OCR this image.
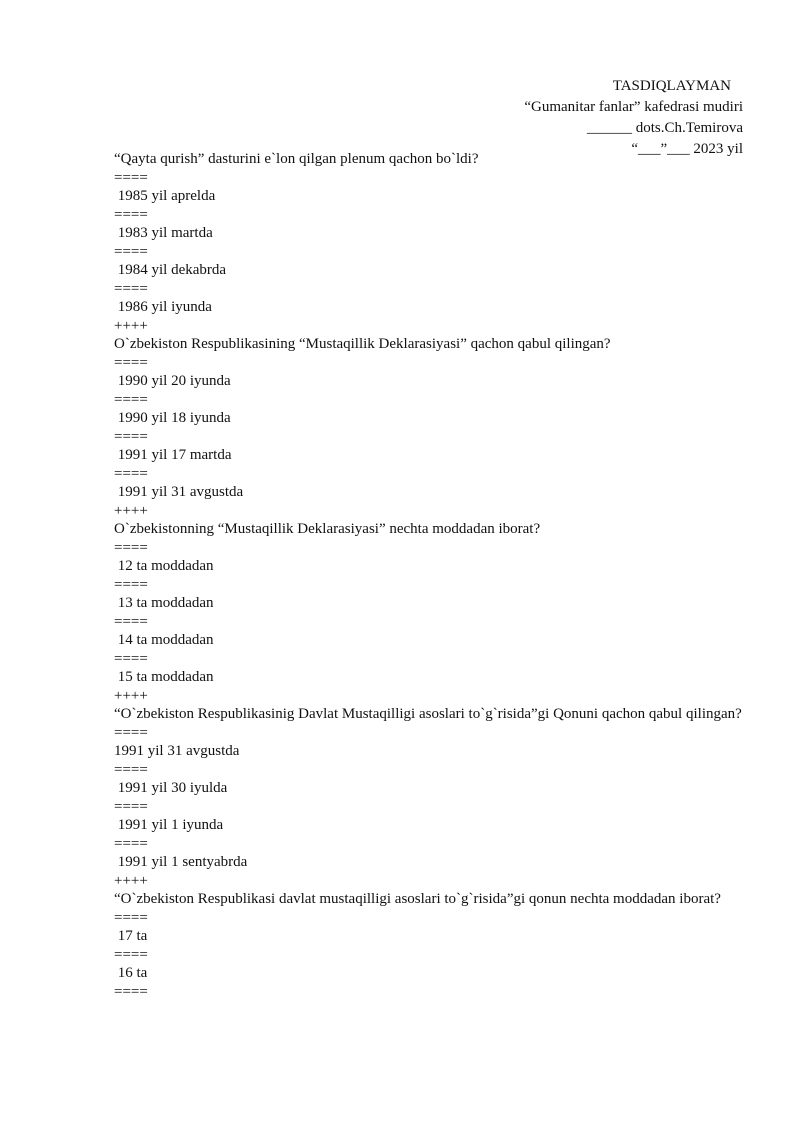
TASDIQLAYMAN
“Gumanitar fanlar” kafedrasi mudiri
______ dots.Ch.Temirova
“___”___ 2023 yil
“Qayta qurish” dasturini e`lon qilgan plenum qachon bo`ldi?
====
1985 yil aprelda
====
1983 yil martda
====
1984 yil dekabrda
====
1986 yil iyunda
++++
O`zbekiston Respublikasining “Mustaqillik Deklarasiyasi” qachon qabul qilingan?
====
1990 yil 20 iyunda
====
1990 yil 18 iyunda
====
1991 yil 17 martda
====
1991 yil 31 avgustda
++++
O`zbekistonning “Mustaqillik Deklarasiyasi” nechta moddadan iborat?
====
12 ta moddadan
====
13 ta moddadan
====
14 ta moddadan
====
15 ta moddadan
++++
“O`zbekiston Respublikasinig Davlat Mustaqilligi asoslari to`g`risida”gi Qonuni qachon qabul qilingan?
====
1991 yil 31 avgustda
====
1991 yil 30 iyulda
====
1991 yil 1 iyunda
====
1991 yil 1 sentyabrda
++++
“O`zbekiston Respublikasi davlat mustaqilligi asoslari to`g`risida”gi qonun nechta moddadan iborat?
====
17 ta
====
16 ta
====
